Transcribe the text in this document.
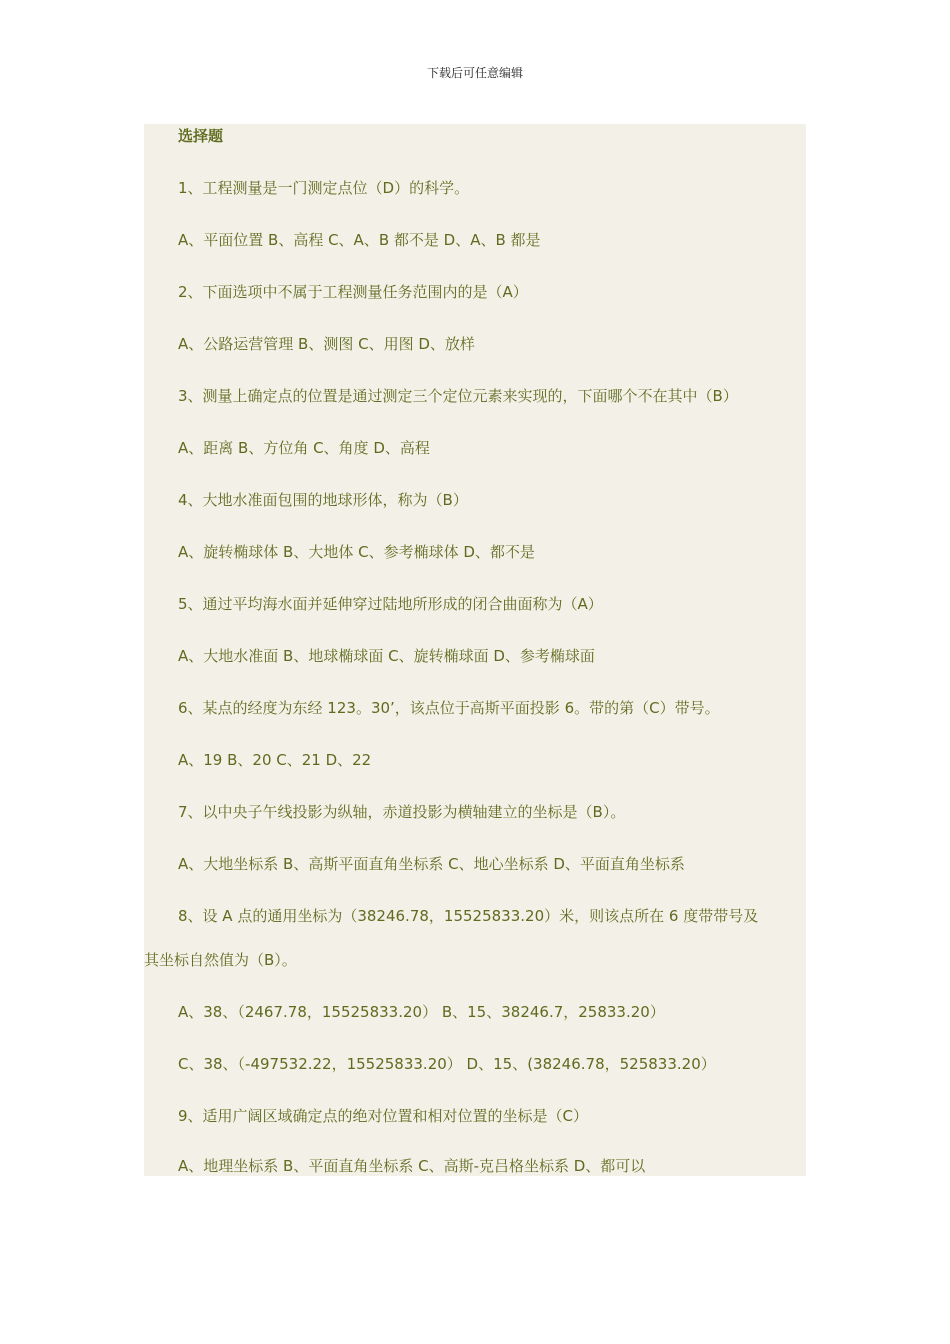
下载后可任意编辑
选择题
1、工程测量是一门测定点位（D）的科学。
A、平面位置 B、高程 C、A、B 都不是 D、A、B 都是
2、下面选项中不属于工程测量任务范围内的是（A）
A、公路运营管理 B、测图 C、用图 D、放样
3、测量上确定点的位置是通过测定三个定位元素来实现的，下面哪个不在其中（B）
A、距离 B、方位角 C、角度 D、高程
4、大地水准面包围的地球形体，称为（B）
A、旋转椭球体 B、大地体 C、参考椭球体 D、都不是
5、通过平均海水面并延伸穿过陆地所形成的闭合曲面称为（A）
A、大地水准面 B、地球椭球面 C、旋转椭球面 D、参考椭球面
6、某点的经度为东经 123。30’，该点位于高斯平面投影 6。带的第（C）带号。
A、19 B、20 C、21 D、22
7、以中央子午线投影为纵轴，赤道投影为横轴建立的坐标是（B）。
A、大地坐标系 B、高斯平面直角坐标系 C、地心坐标系 D、平面直角坐标系
8、设 A 点的通用坐标为（38246.78，15525833.20）米，则该点所在 6 度带带号及
其坐标自然值为（B）。
A、38、（2467.78，15525833.20） B、15、38246.7，25833.20）
C、38、（-497532.22，15525833.20） D、15、(38246.78，525833.20）
9、适用广阔区域确定点的绝对位置和相对位置的坐标是（C）
A、地理坐标系 B、平面直角坐标系 C、高斯-克吕格坐标系 D、都可以
